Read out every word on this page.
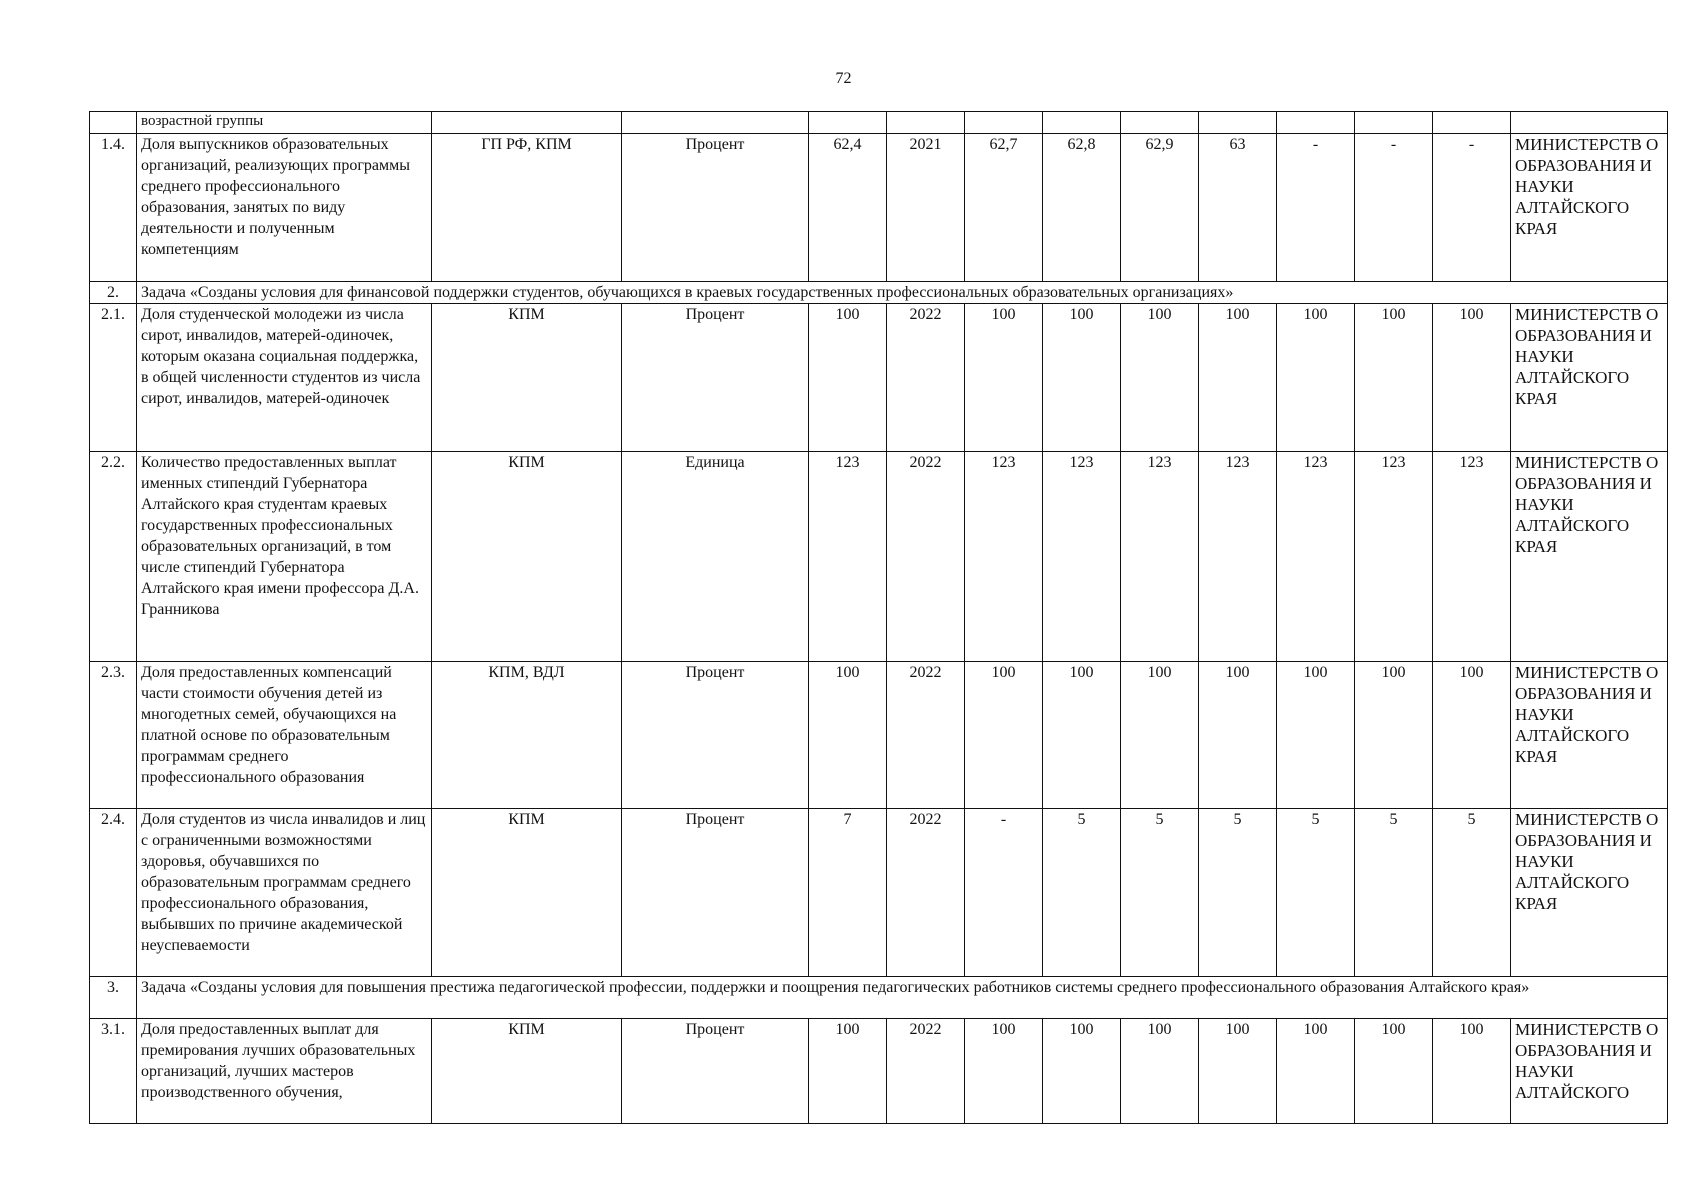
72
	возрастной группы												
1.4.	Доля выпускников образовательных организаций, реализующих программы среднего профессионального образования, занятых по виду деятельности и полученным компетенциям	ГП РФ, КПМ	Процент	62,4	2021	62,7	62,8	62,9	63	-	-	-	МИНИСТЕРСТВ О ОБРАЗОВАНИЯ И НАУКИ АЛТАЙСКОГО КРАЯ
2.	Задача «Созданы условия для финансовой поддержки студентов, обучающихся в краевых государственных профессиональных образовательных организациях»												
2.1.	Доля студенческой молодежи из числа сирот, инвалидов, матерей-одиночек, которым оказана социальная поддержка, в общей численности студентов из числа сирот, инвалидов, матерей-одиночек	КПМ	Процент	100	2022	100	100	100	100	100	100	100	МИНИСТЕРСТВ О ОБРАЗОВАНИЯ И НАУКИ АЛТАЙСКОГО КРАЯ
2.2.	Количество предоставленных выплат именных стипендий Губернатора Алтайского края студентам краевых государственных профессиональных образовательных организаций, в том числе стипендий Губернатора Алтайского края имени профессора Д.А. Гранникова	КПМ	Единица	123	2022	123	123	123	123	123	123	123	МИНИСТЕРСТВ О ОБРАЗОВАНИЯ И НАУКИ АЛТАЙСКОГО КРАЯ
2.3.	Доля предоставленных компенсаций части стоимости обучения детей из многодетных семей, обучающихся на платной основе по образовательным программам среднего профессионального образования	КПМ, ВДЛ	Процент	100	2022	100	100	100	100	100	100	100	МИНИСТЕРСТВ О ОБРАЗОВАНИЯ И НАУКИ АЛТАЙСКОГО КРАЯ
2.4.	Доля студентов из числа инвалидов и лиц с ограниченными возможностями здоровья, обучавшихся по образовательным программам среднего профессионального образования, выбывших по причине академической неуспеваемости	КПМ	Процент	7	2022	-	5	5	5	5	5	5	МИНИСТЕРСТВ О ОБРАЗОВАНИЯ И НАУКИ АЛТАЙСКОГО КРАЯ
3.	Задача «Созданы условия для повышения престижа педагогической профессии, поддержки и поощрения педагогических работников системы среднего профессионального образования Алтайского края»												
3.1.	Доля предоставленных выплат для премирования лучших образовательных организаций, лучших мастеров производственного обучения,	КПМ	Процент	100	2022	100	100	100	100	100	100	100	МИНИСТЕРСТВ О ОБРАЗОВАНИЯ И НАУКИ АЛТАЙСКОГО
